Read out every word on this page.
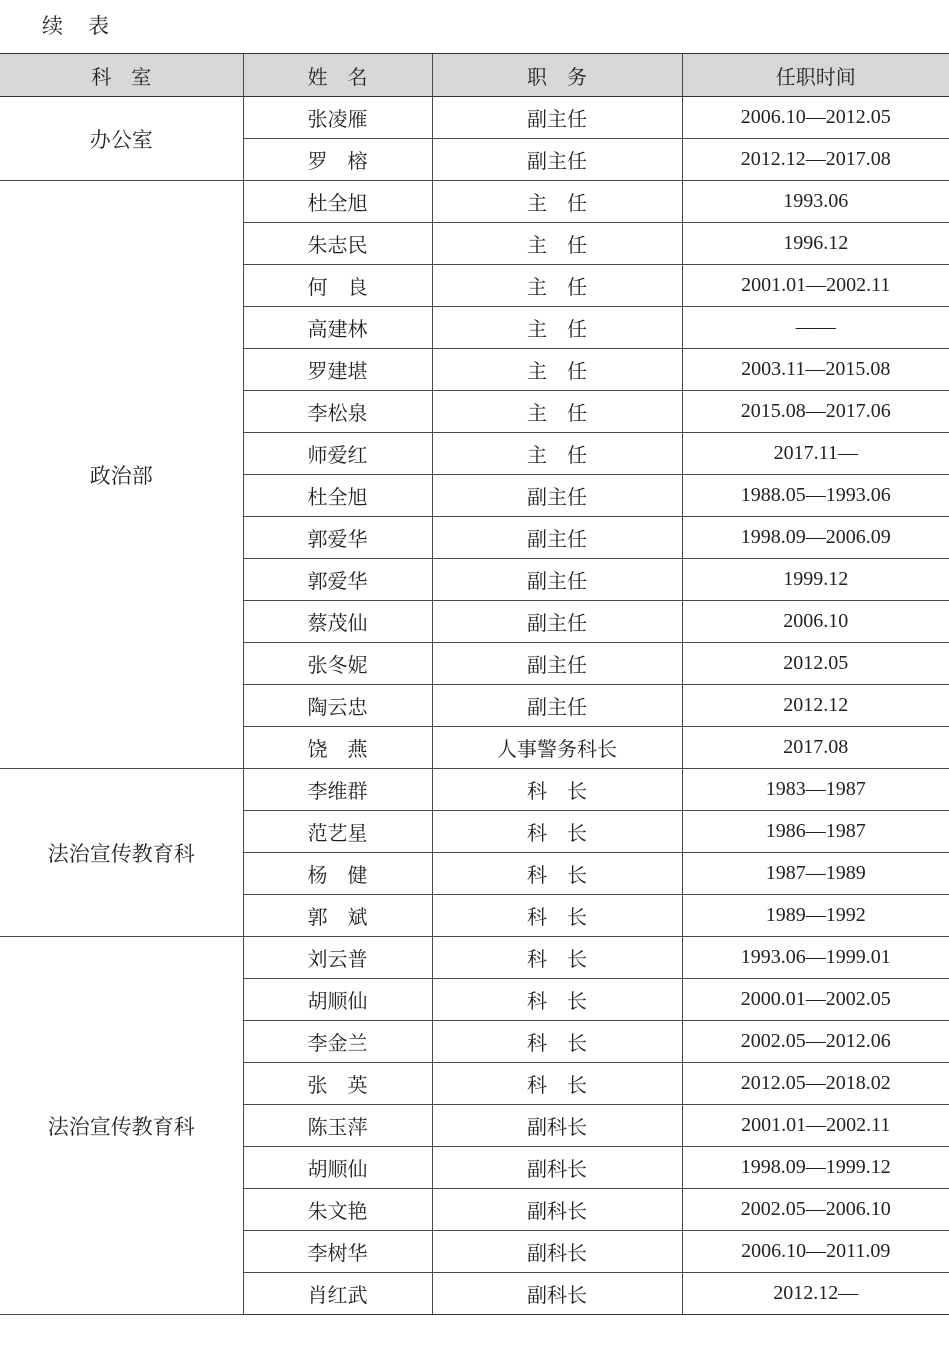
续　表
科　室	姓　名	职　务	任职时间
办公室	张凌雁	副主任	2006.10—2012.05
	罗　榕	副主任	2012.12—2017.08
政治部	杜全旭	主　任	1993.06
	朱志民	主　任	1996.12
	何　良	主　任	2001.01—2002.11
	高建林	主　任	——
	罗建堪	主　任	2003.11—2015.08
	李松泉	主　任	2015.08—2017.06
	师爱红	主　任	2017.11—
	杜全旭	副主任	1988.05—1993.06
	郭爱华	副主任	1998.09—2006.09
	郭爱华	副主任	1999.12
	蔡茂仙	副主任	2006.10
	张冬妮	副主任	2012.05
	陶云忠	副主任	2012.12
	饶　燕	人事警务科长	2017.08
法治宣传教育科	李维群	科　长	1983—1987
	范艺星	科　长	1986—1987
	杨　健	科　长	1987—1989
	郭　斌	科　长	1989—1992
法治宣传教育科	刘云普	科　长	1993.06—1999.01
	胡顺仙	科　长	2000.01—2002.05
	李金兰	科　长	2002.05—2012.06
	张　英	科　长	2012.05—2018.02
	陈玉萍	副科长	2001.01—2002.11
	胡顺仙	副科长	1998.09—1999.12
	朱文艳	副科长	2002.05—2006.10
	李树华	副科长	2006.10—2011.09
	肖红武	副科长	2012.12—
